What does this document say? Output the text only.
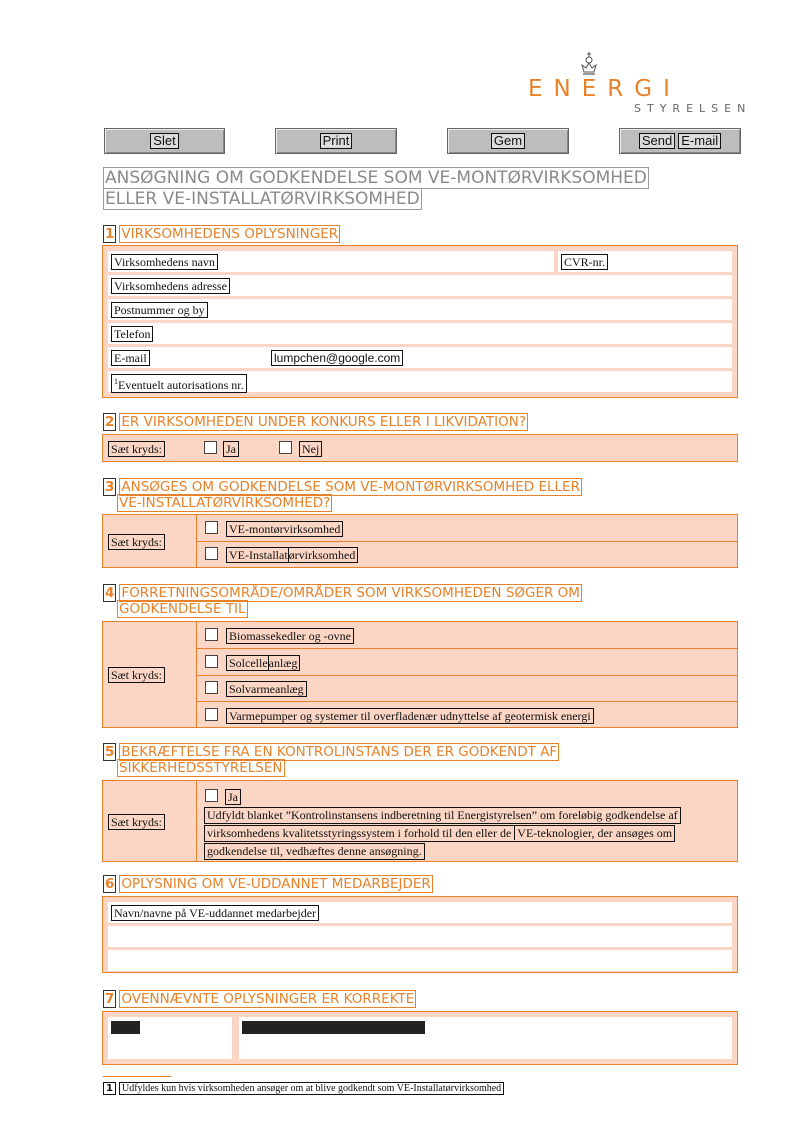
ENERGI
STYRELSEN
Slet	Print	Gem	Send E-mail
ANSØGNING OM GODKENDELSE SOM VE-MONTØRVIRKSOMHED
ELLER VE-INSTALLATØRVIRKSOMHED
1 VIRKSOMHEDENS OPLYSNINGER
Virksomhedens navn	CVR-nr.
Virksomhedens adresse
Postnummer og by
Telefon
E-mail	lumpchen@google.com
$^1$Eventuelt autorisations nr.
2 ER VIRKSOMHEDEN UNDER KONKURS ELLER I LIKVIDATION?
Sæt kryds:	Ja	Nej
3 ANSØGES OM GODKENDELSE SOM VE-MONTØRVIRKSOMHED ELLER
VE-INSTALLATØRVIRKSOMHED?
Sæt kryds:
VE-montørvirksomhed
VE-Installatørvirksomhed
4 FORRETNINGSOMRÅDE/OMRÅDER SOM VIRKSOMHEDEN SØGER OM
GODKENDELSE TIL
Sæt kryds:
Biomassekedler og -ovne
Solcelleanlæg
Solvarmeanlæg
Varmepumper og systemer til overfladenær udnyttelse af geotermisk energi
5 BEKRÆFTELSE FRA EN KONTROLINSTANS DER ER GODKENDT AF
SIKKERHEDSSTYRELSEN
Sæt kryds:
Ja
Udfyldt blanket ”Kontrolinstansens indberetning til Energistyrelsen” om foreløbig godkendelse af
virksomhedens kvalitetsstyringssystem i forhold til den eller de VE-teknologier, der ansøges om
godkendelse til, vedhæftes denne ansøgning.
6 OPLYSNING OM VE-UDDANNET MEDARBEJDER
Navn/navne på VE-uddannet medarbejder
7 OVENNÆVNTE OPLYSNINGER ER KORREKTE
Dato	Virksomhedens tegnelses underskrift
1 Udfyldes kun hvis virksomheden ansøger om at blive godkendt som VE-Installatørvirksomhed
